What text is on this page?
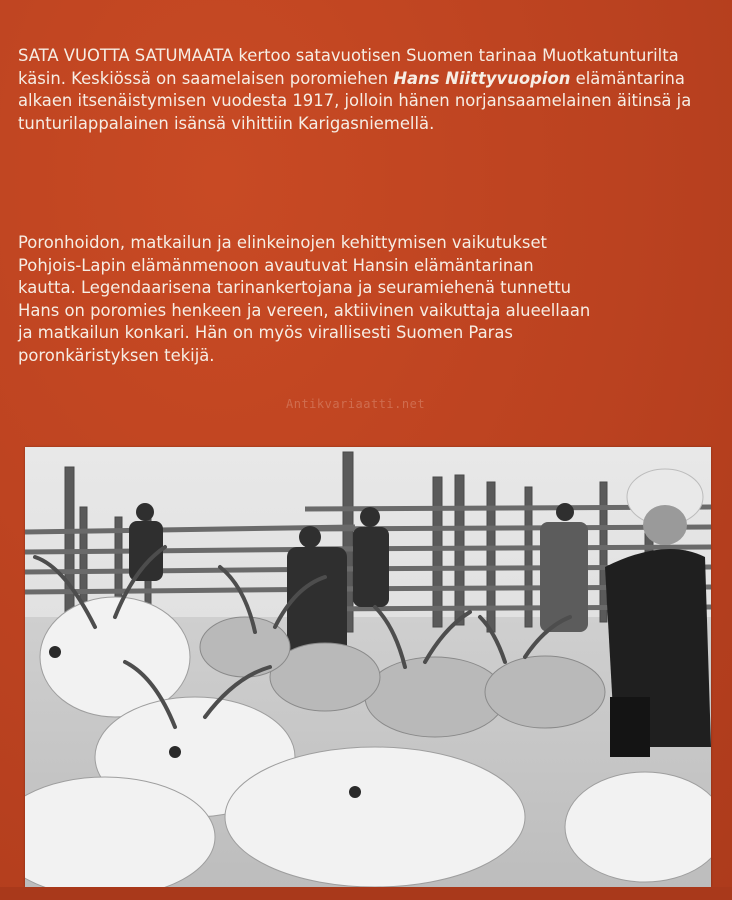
SATA VUOTTA SATUMAATA kertoo satavuotisen Suomen tarinaa Muotkatunturilta käsin. Keskiössä on saamelaisen poromiehen Hans Niittyvuopion elämäntarina alkaen itsenäistymisen vuodesta 1917, jolloin hänen norjansaamelainen äitinsä ja tunturilappalainen isänsä vihittiin Karigasniemellä.
Poronhoidon, matkailun ja elinkeinojen kehittymisen vaikutukset
Pohjois-Lapin elämänmenoon avautuvat Hansin elämäntarinan
kautta. Legendaarisena tarinankertojana ja seuramiehenä tunnettu
Hans on poromies henkeen ja vereen, aktiivinen vaikuttaja alueellaan
ja matkailun konkari. Hän on myös virallisesti Suomen Paras
poronkäristyksen tekijä.
Antikvariaatti.net
